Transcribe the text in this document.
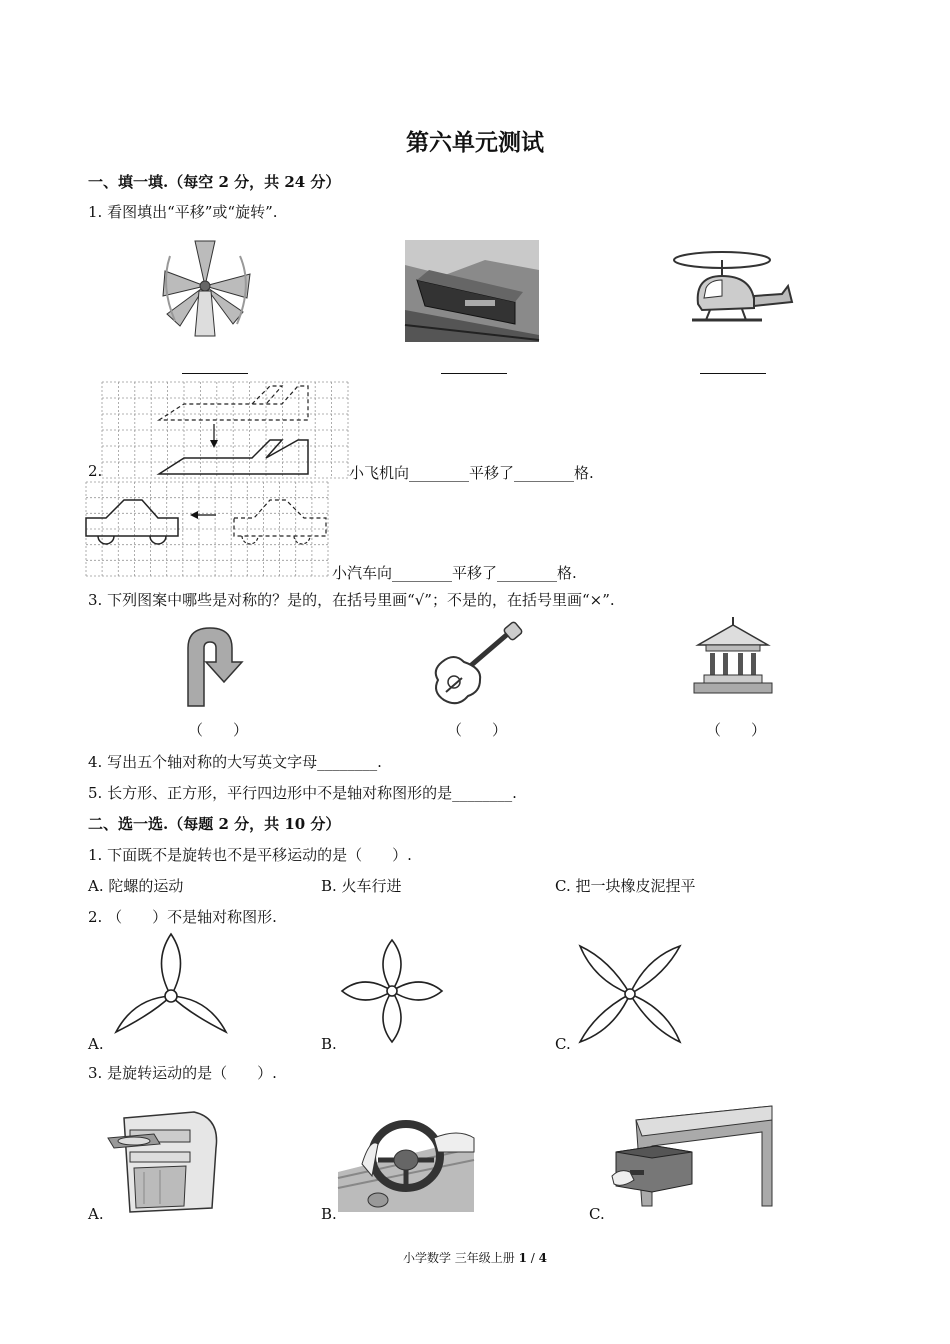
第六单元测试
一、填一填.（每空 2 分，共 24 分）
1. 看图填出“平移”或“旋转”.
2.	小飞机向________平移了________格.
小汽车向________平移了________格.
3. 下列图案中哪些是对称的？是的，在括号里画“√”；不是的，在括号里画“×”.
（　　）	（　　）	（　　）
4. 写出五个轴对称的大写英文字母________.
5. 长方形、正方形，平行四边形中不是轴对称图形的是________.
二、选一选.（每题 2 分，共 10 分）
1. 下面既不是旋转也不是平移运动的是（　　）.
A. 陀螺的运动	B. 火车行进	C. 把一块橡皮泥捏平
2. （　　）不是轴对称图形.
A.	B.	C.
3. 是旋转运动的是（　　）.
A.	B.	C.
小学数学 三年级上册 1 / 4
